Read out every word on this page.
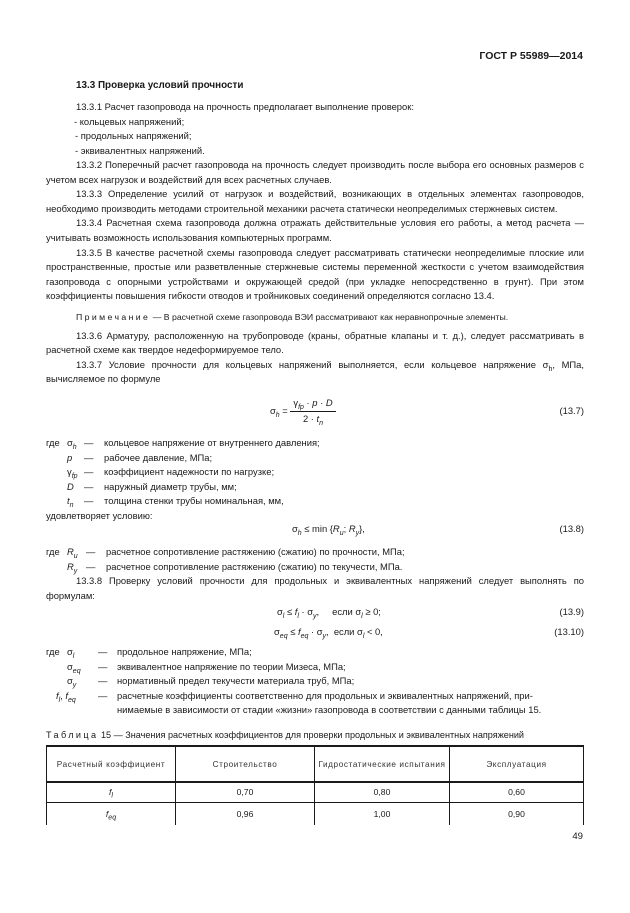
ГОСТ Р 55989—2014
13.3 Проверка условий прочности

13.3.1 Расчет газопровода на прочность предполагает выполнение проверок:

- кольцевых напряжений;

- продольных напряжений;

- эквивалентных напряжений.

13.3.2 Поперечный расчет газопровода на прочность следует производить после выбора его основных размеров с учетом всех нагрузок и воздействий для всех расчетных случаев.

13.3.3 Определение усилий от нагрузок и воздействий, возникающих в отдельных элементах газопроводов, необходимо производить методами строительной механики расчета статически неопределимых стержневых систем.

13.3.4 Расчетная схема газопровода должна отражать действительные условия его работы, а метод расчета — учитывать возможность использования компьютерных программ.

13.3.5 В качестве расчетной схемы газопровода следует рассматривать статически неопределимые плоские или пространственные, простые или разветвленные стержневые системы переменной жесткости с учетом взаимодействия газопровода с опорными устройствами и окружающей средой (при укладке непосредственно в грунт). При этом коэффициенты повышения гибкости отводов и тройниковых соединений определяются согласно 13.4.

Примечание — В расчетной схеме газопровода ВЭИ рассматривают как неравнопрочные элементы.

13.3.6 Арматуру, расположенную на трубопроводе (краны, обратные клапаны и т. д.), следует рассматривать в расчетной схеме как твердое недеформируемое тело.

13.3.7 Условие прочности для кольцевых напряжений выполняется, если кольцевое напряжение $\sigma_h$, МПа, вычисляемое по формуле

$\sigma_h = \frac{\gamma_{fp} \cdot p \cdot D}{2 \cdot t_n}$	(13.7)
где $\sigma_h$ — кольцевое напряжение от внутреннего давления;
p — рабочее давление, МПа;
$\gamma_{fp}$ — коэффициент надежности по нагрузке;
D — наружный диаметр трубы, мм;
$t_n$ — толщина стенки трубы номинальная, мм,
удовлетворяет условию:
$\sigma_h \le \min \{R_u$; $R_y$},	(13.8)
где $R_u$ — расчетное сопротивление растяжению (сжатию) по прочности, МПа;
$R_y$ — расчетное сопротивление растяжению (сжатию) по текучести, МПа.

13.3.8 Проверку условий прочности для продольных и эквивалентных напряжений следует выполнять по формулам:

$\sigma_l \le f_l \cdot \sigma_y$,     если $\sigma_l \ge 0$;	(13.9)
$\sigma_{eq} \le f_{eq} \cdot \sigma_y$,  если $\sigma_l < 0$,	(13.10)
где $\sigma_l$	— продольное напряжение, МПа;
$\sigma_{eq}$ — эквивалентное напряжение по теории Мизеса, МПа;
$\sigma_y$ — нормативный предел текучести материала труб, МПа;
$f_l$, $f_{eq}$ — расчетные коэффициенты соответственно для продольных и эквивалентных напряжений, при-
нимаемые в зависимости от стадии «жизни» газопровода в соответствии с данными таблицы 15.
Таблица 15 — Значения расчетных коэффициентов для проверки продольных и эквивалентных напряжений
Расчетный коэффициент	Строительство	Гидростатические испытания	Эксплуатация
$f_l$	0,70	0,80	0,60
$f_{eq}$	0,96	1,00	0,90
49
